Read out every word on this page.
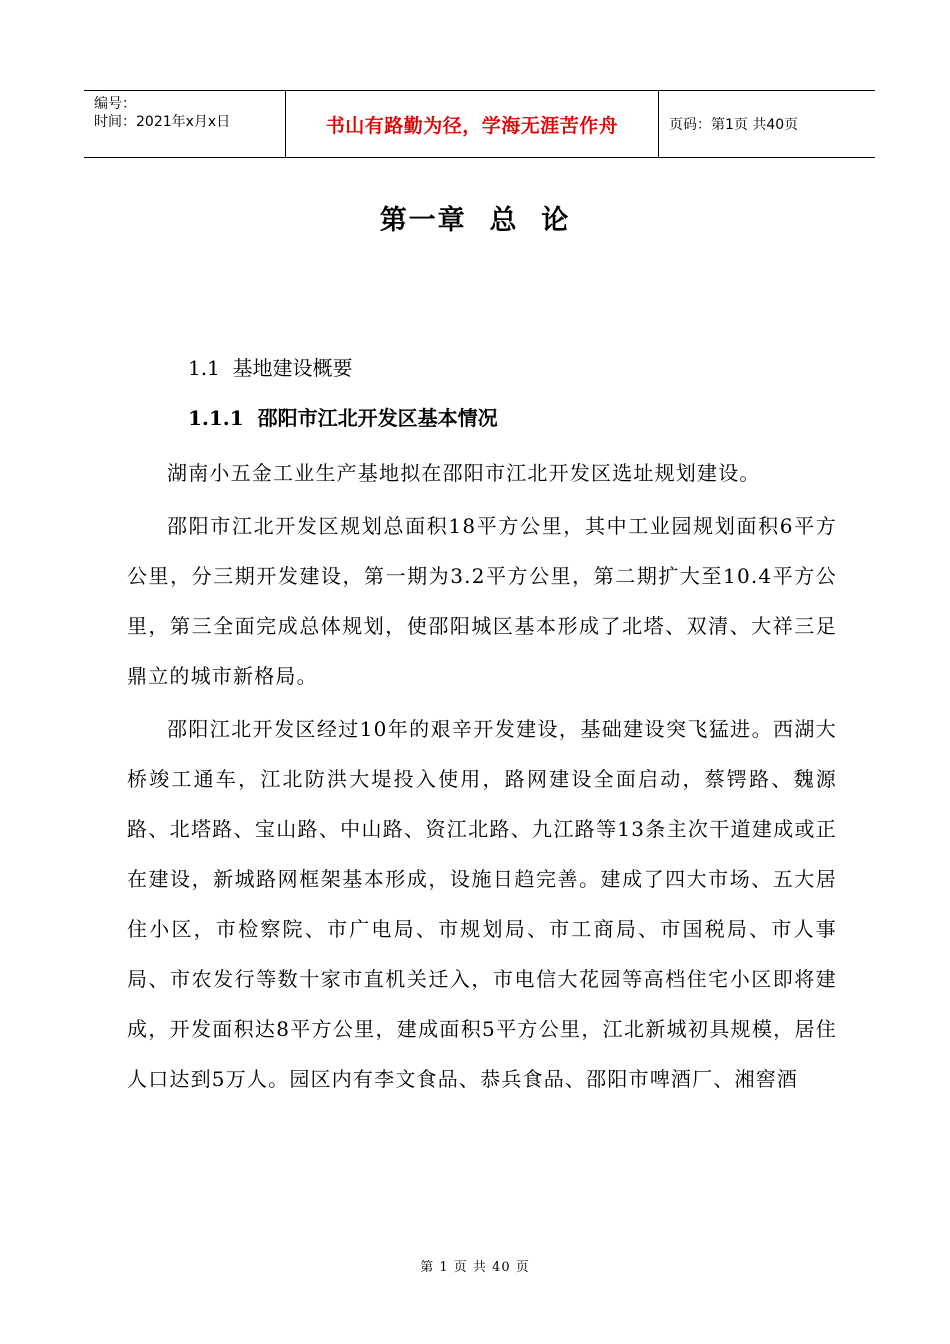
编号：
时间：2021年x月x日	书山有路勤为径，学海无涯苦作舟	页码：第1页 共40页
第一章  总  论
1.1  基地建设概要
1.1.1  邵阳市江北开发区基本情况

湖南小五金工业生产基地拟在邵阳市江北开发区选址规划建设。

邵阳市江北开发区规划总面积18平方公里，其中工业园规划面积6平方公里，分三期开发建设，第一期为3.2平方公里，第二期扩大至10.4平方公里，第三全面完成总体规划，使邵阳城区基本形成了北塔、双清、大祥三足鼎立的城市新格局。

邵阳江北开发区经过10年的艰辛开发建设，基础建设突飞猛进。西湖大桥竣工通车，江北防洪大堤投入使用，路网建设全面启动，蔡锷路、魏源路、北塔路、宝山路、中山路、资江北路、九江路等13条主次干道建成或正在建设，新城路网框架基本形成，设施日趋完善。建成了四大市场、五大居住小区，市检察院、市广电局、市规划局、市工商局、市国税局、市人事局、市农发行等数十家市直机关迁入，市电信大花园等高档住宅小区即将建成，开发面积达8平方公里，建成面积5平方公里，江北新城初具规模，居住人口达到5万人。园区内有李文食品、恭兵食品、邵阳市啤酒厂、湘窖酒

第 1 页 共 40 页
